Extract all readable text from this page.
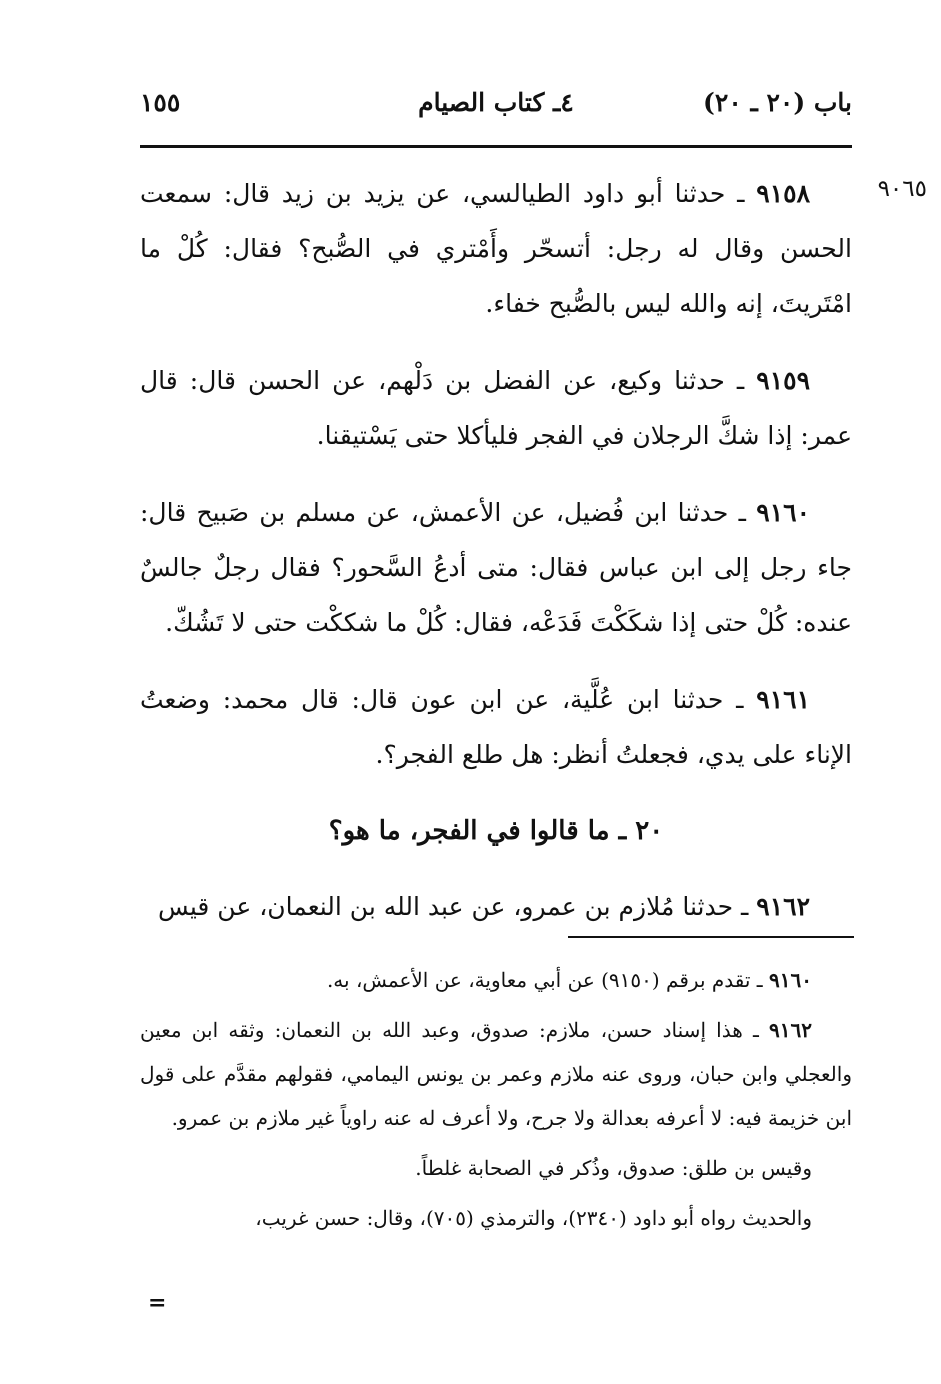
باب (٢٠ ـ ٢٠)
٤ـ كتاب الصيام
١٥٥
٩٠٦٥

٩١٥٨ ـ حدثنا أبو داود الطيالسي، عن يزيد بن زيد قال: سمعت الحسن وقال له رجل: أتسحّر وأَمْتري في الصُّبح؟ فقال: كُلْ ما امْتَريتَ، إنه والله ليس بالصُّبح خفاء.

٩١٥٩ ـ حدثنا وكيع، عن الفضل بن دَلْهم، عن الحسن قال: قال عمر: إذا شكَّ الرجلان في الفجر فليأكلا حتى يَسْتيقنا.

٩١٦٠ ـ حدثنا ابن فُضيل، عن الأعمش، عن مسلم بن صَبيح قال: جاء رجل إلى ابن عباس فقال: متى أدعُ السَّحور؟ فقال رجلٌ جالسٌ عنده: كُلْ حتى إذا شكَكْتَ فَدَعْه، فقال: كُلْ ما شككْت حتى لا تَشُكّ.

٩١٦١ ـ حدثنا ابن عُلَّية، عن ابن عون قال: قال محمد: وضعتُ الإناء على يدي، فجعلتُ أنظر: هل طلع الفجر؟.

٢٠ ـ ما قالوا في الفجر، ما هو؟

٩١٦٢ ـ حدثنا مُلازم بن عمرو، عن عبد الله بن النعمان، عن قيس

٩١٦٠ ـ تقدم برقم (٩١٥٠) عن أبي معاوية، عن الأعمش، به.

٩١٦٢ ـ هذا إسناد حسن، ملازم: صدوق، وعبد الله بن النعمان: وثقه ابن معين والعجلي وابن حبان، وروى عنه ملازم وعمر بن يونس اليمامي، فقولهم مقدَّم على قول ابن خزيمة فيه: لا أعرفه بعدالة ولا جرح، ولا أعرف له عنه راوياً غير ملازم بن عمرو.

وقيس بن طلق: صدوق، وذُكر في الصحابة غلطاً.

والحديث رواه أبو داود (٢٣٤٠)، والترمذي (٧٠٥)، وقال: حسن غريب،

=
